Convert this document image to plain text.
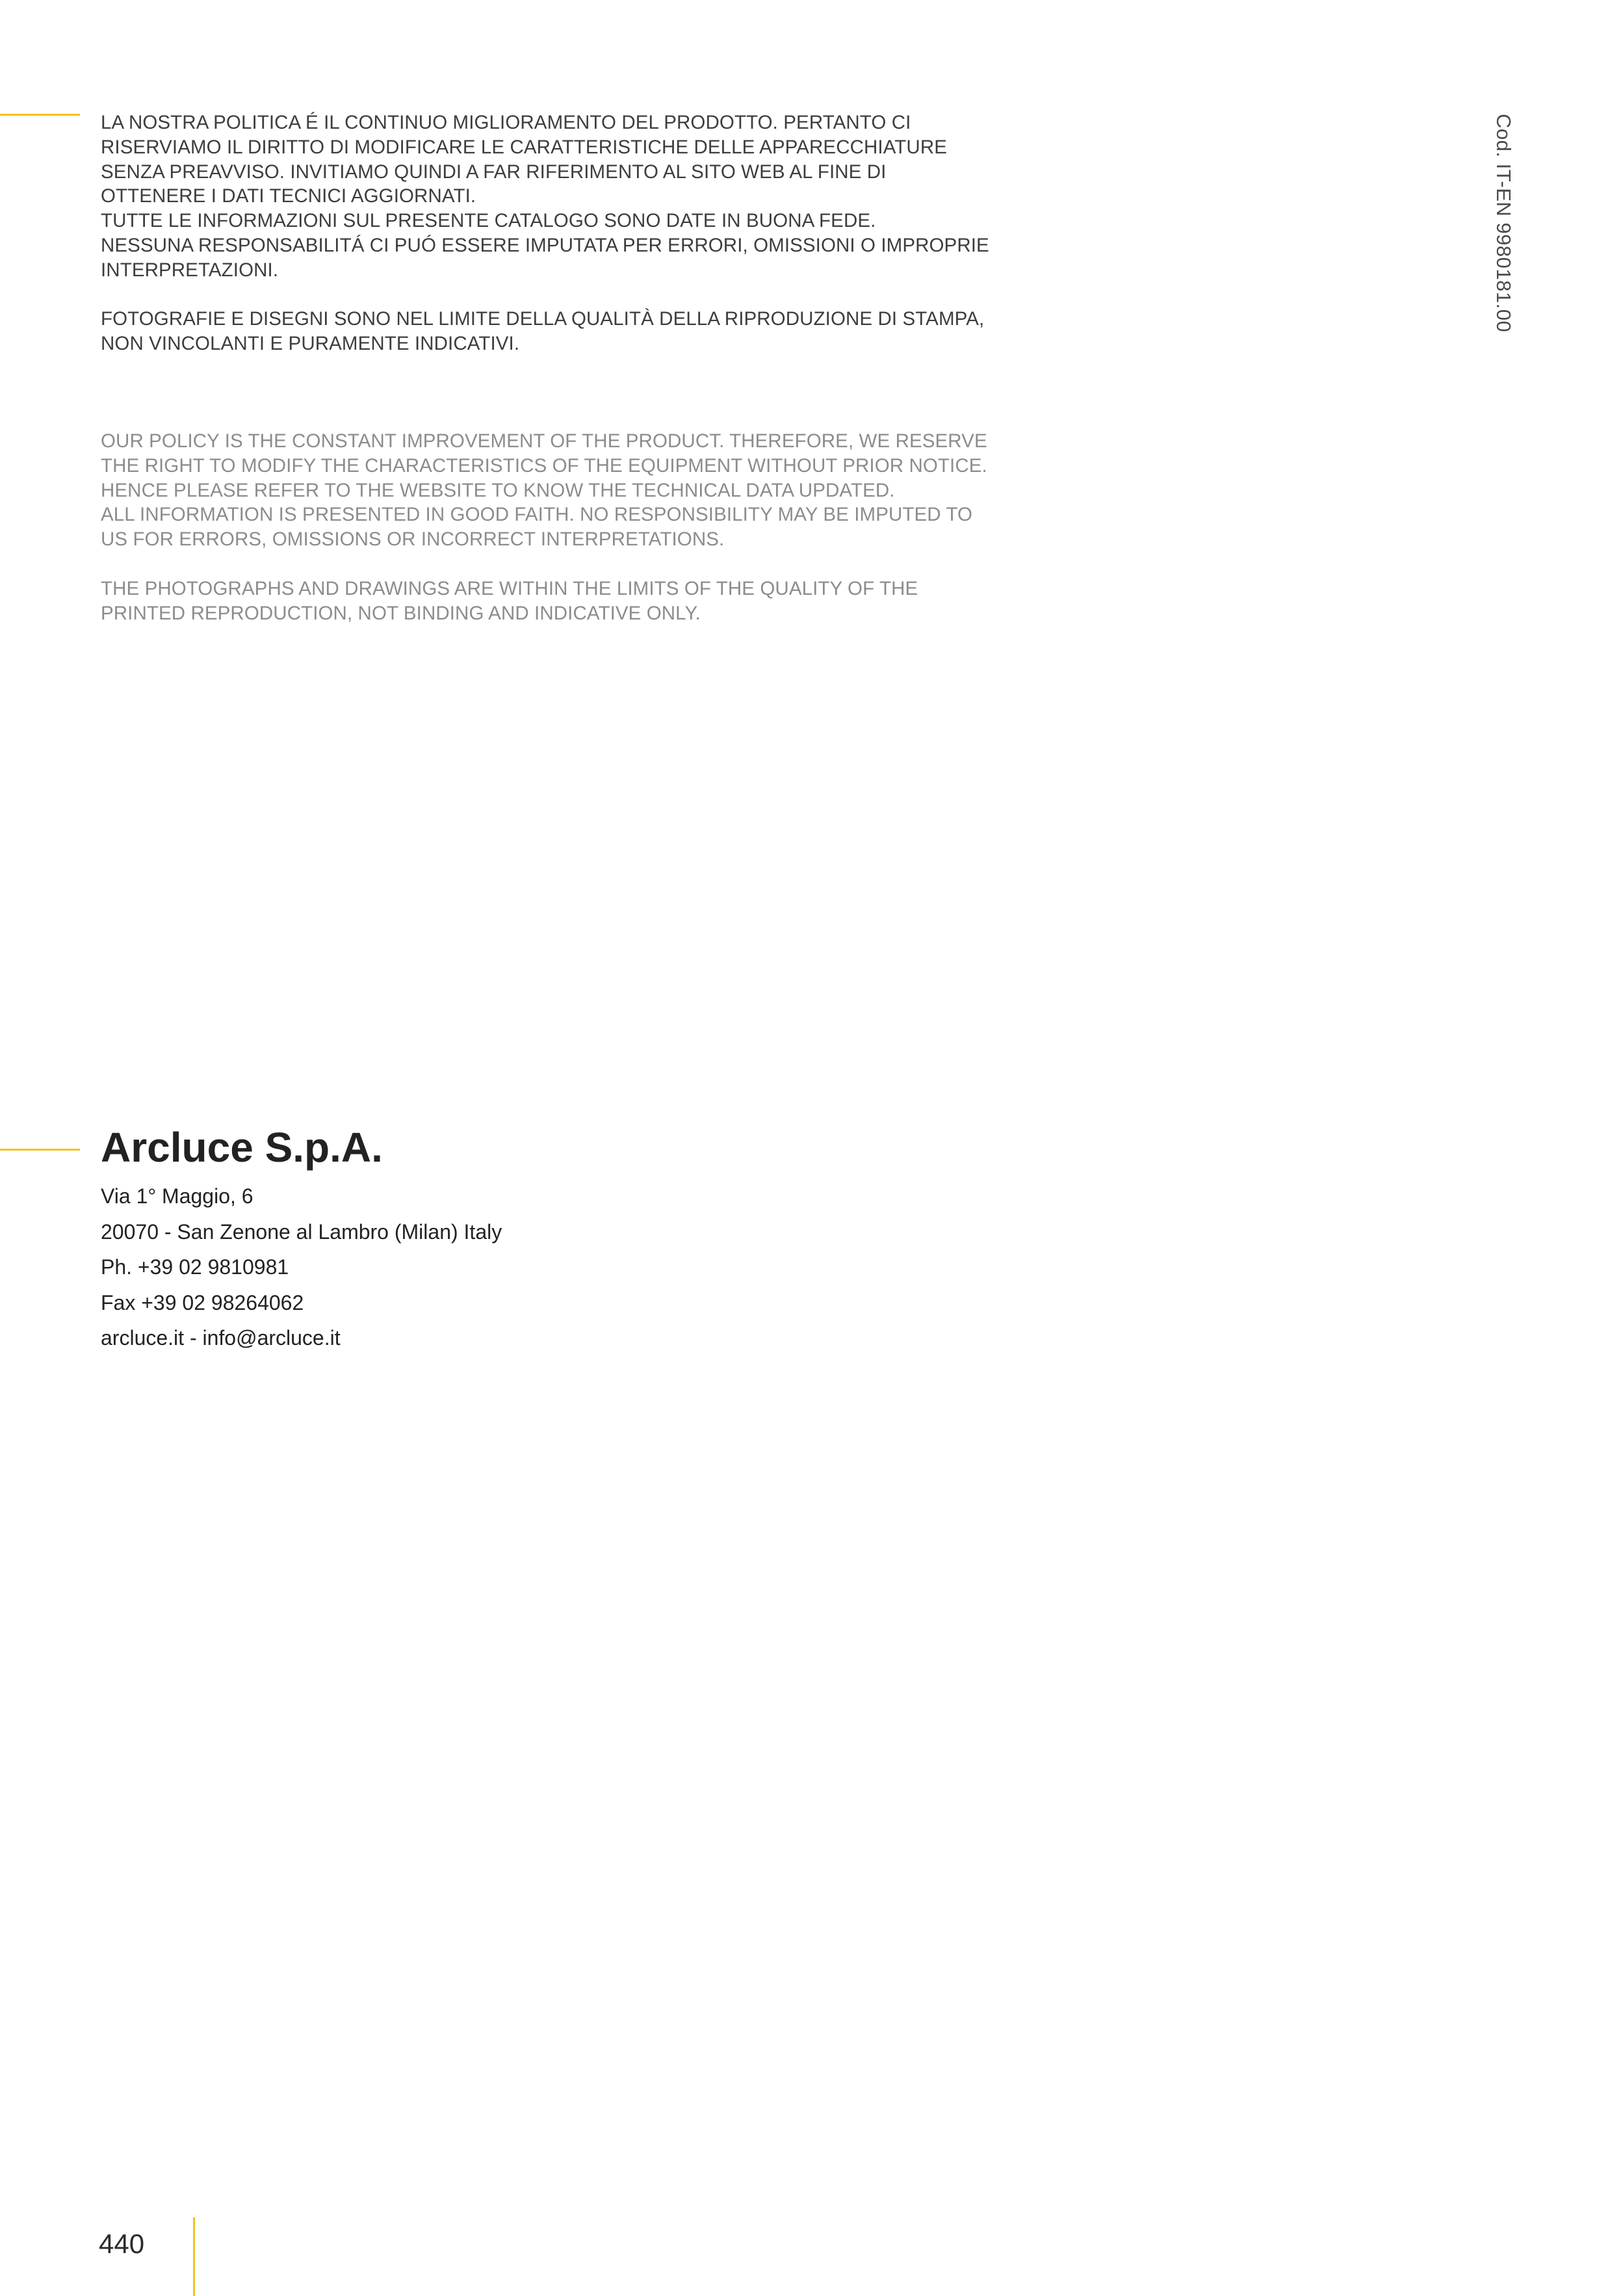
LA NOSTRA POLITICA É IL CONTINUO MIGLIORAMENTO DEL PRODOTTO. PERTANTO CI
RISERVIAMO IL DIRITTO DI MODIFICARE LE CARATTERISTICHE DELLE APPARECCHIATURE
SENZA PREAVVISO. INVITIAMO QUINDI A FAR RIFERIMENTO AL SITO WEB AL FINE DI
OTTENERE I DATI TECNICI AGGIORNATI.
TUTTE LE INFORMAZIONI SUL PRESENTE CATALOGO SONO DATE IN BUONA FEDE.
NESSUNA RESPONSABILITÁ CI PUÓ ESSERE IMPUTATA PER ERRORI, OMISSIONI O IMPROPRIE
INTERPRETAZIONI.

FOTOGRAFIE E DISEGNI SONO NEL LIMITE DELLA QUALITÀ DELLA RIPRODUZIONE DI STAMPA,
NON VINCOLANTI E PURAMENTE INDICATIVI.

OUR POLICY IS THE CONSTANT IMPROVEMENT OF THE PRODUCT. THEREFORE, WE RESERVE
THE RIGHT TO MODIFY THE CHARACTERISTICS OF THE EQUIPMENT WITHOUT PRIOR NOTICE.
HENCE PLEASE REFER TO THE WEBSITE TO KNOW THE TECHNICAL DATA UPDATED.
ALL INFORMATION IS PRESENTED IN GOOD FAITH. NO RESPONSIBILITY MAY BE IMPUTED TO
US FOR ERRORS, OMISSIONS OR INCORRECT INTERPRETATIONS.

THE PHOTOGRAPHS AND DRAWINGS ARE WITHIN THE LIMITS OF THE QUALITY OF THE
PRINTED REPRODUCTION, NOT BINDING AND INDICATIVE ONLY.

Cod. IT-EN 9980181.00
Arcluce S.p.A.
Via 1° Maggio, 6
20070 - San Zenone al Lambro (Milan) Italy
Ph. +39 02 9810981
Fax +39 02 98264062
arcluce.it - info@arcluce.it
440
